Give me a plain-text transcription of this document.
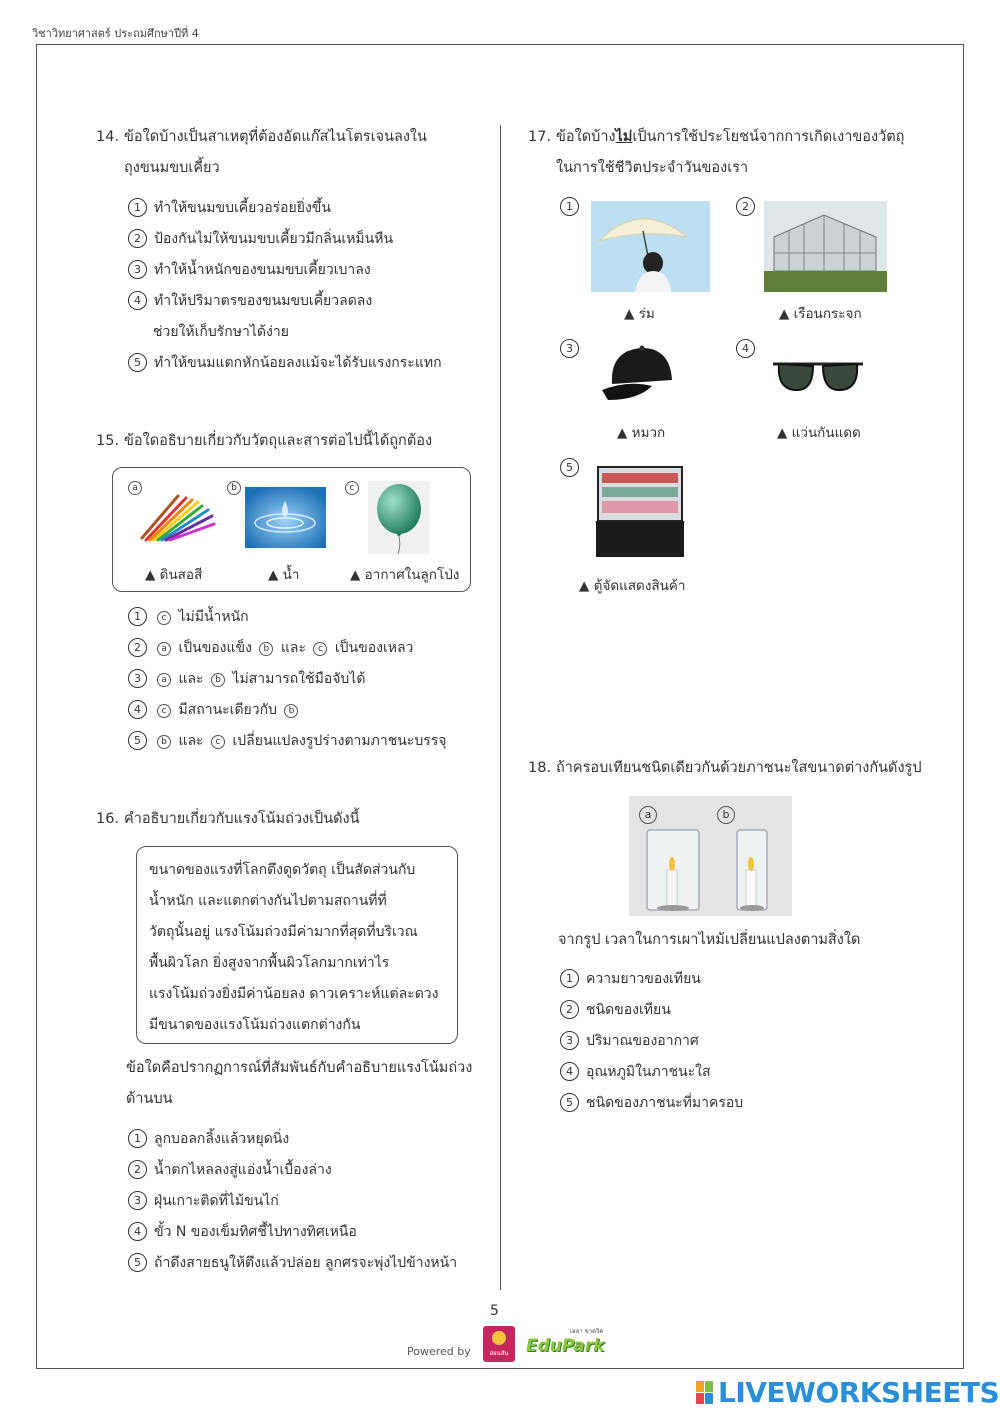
วิชาวิทยาศาสตร์ ประถมศึกษาปีที่ 4
14. ข้อใดบ้างเป็นสาเหตุที่ต้องอัดแก๊สไนโตรเจนลงใน
ถุงขนมขบเคี้ยว
1 ทำให้ขนมขบเคี้ยวอร่อยยิ่งขึ้น
2 ป้องกันไม่ให้ขนมขบเคี้ยวมีกลิ่นเหม็นหืน
3 ทำให้น้ำหนักของขนมขบเคี้ยวเบาลง
4 ทำให้ปริมาตรของขนมขบเคี้ยวลดลง
ช่วยให้เก็บรักษาได้ง่าย
5 ทำให้ขนมแตกหักน้อยลงแม้จะได้รับแรงกระแทก
15. ข้อใดอธิบายเกี่ยวกับวัตถุและสารต่อไปนี้ได้ถูกต้อง
a	b	c
▲ ดินสอสี	▲ น้ำ	▲ อากาศในลูกโป่ง
1 c ไม่มีน้ำหนัก
2 a เป็นของแข็ง b และ c เป็นของเหลว
3 a และ b ไม่สามารถใช้มือจับได้
4 c มีสถานะเดียวกับ b
5 b และ c เปลี่ยนแปลงรูปร่างตามภาชนะบรรจุ
16. คำอธิบายเกี่ยวกับแรงโน้มถ่วงเป็นดังนี้
ขนาดของแรงที่โลกดึงดูดวัตถุ เป็นสัดส่วนกับ
น้ำหนัก และแตกต่างกันไปตามสถานที่ที่
วัตถุนั้นอยู่ แรงโน้มถ่วงมีค่ามากที่สุดที่บริเวณ
พื้นผิวโลก ยิ่งสูงจากพื้นผิวโลกมากเท่าไร
แรงโน้มถ่วงยิ่งมีค่าน้อยลง ดาวเคราะห์แต่ละดวง
มีขนาดของแรงโน้มถ่วงแตกต่างกัน
ข้อใดคือปรากฏการณ์ที่สัมพันธ์กับคำอธิบายแรงโน้มถ่วง
ด้านบน
1 ลูกบอลกลิ้งแล้วหยุดนิ่ง
2 น้ำตกไหลลงสู่แอ่งน้ำเบื้องล่าง
3 ฝุ่นเกาะติดที่ไม้ขนไก่
4 ขั้ว N ของเข็มทิศชี้ไปทางทิศเหนือ
5 ถ้าดึงสายธนูให้ตึงแล้วปล่อย ลูกศรจะพุ่งไปข้างหน้า
17. ข้อใดบ้างไม่เป็นการใช้ประโยชน์จากการเกิดเงาของวัตถุ
ในการใช้ชีวิตประจำวันของเรา
1	2
3	4
5
▲ ร่ม	▲ เรือนกระจก
▲ หมวก	▲ แว่นกันแดด
▲ ตู้จัดแสดงสินค้า
18. ถ้าครอบเทียนชนิดเดียวกันด้วยภาชนะใสขนาดต่างกันดังรูป
a	b
จากรูป เวลาในการเผาไหม้เปลี่ยนแปลงตามสิ่งใด
1 ความยาวของเทียน
2 ชนิดของเทียน
3 ปริมาณของอากาศ
4 อุณหภูมิในภาชนะใส
5 ชนิดของภาชนะที่มาครอบ
5
Powered by	อ่อนสัน
เฮฮา ขาดวิด
EduPark
LIVEWORKSHEETS
